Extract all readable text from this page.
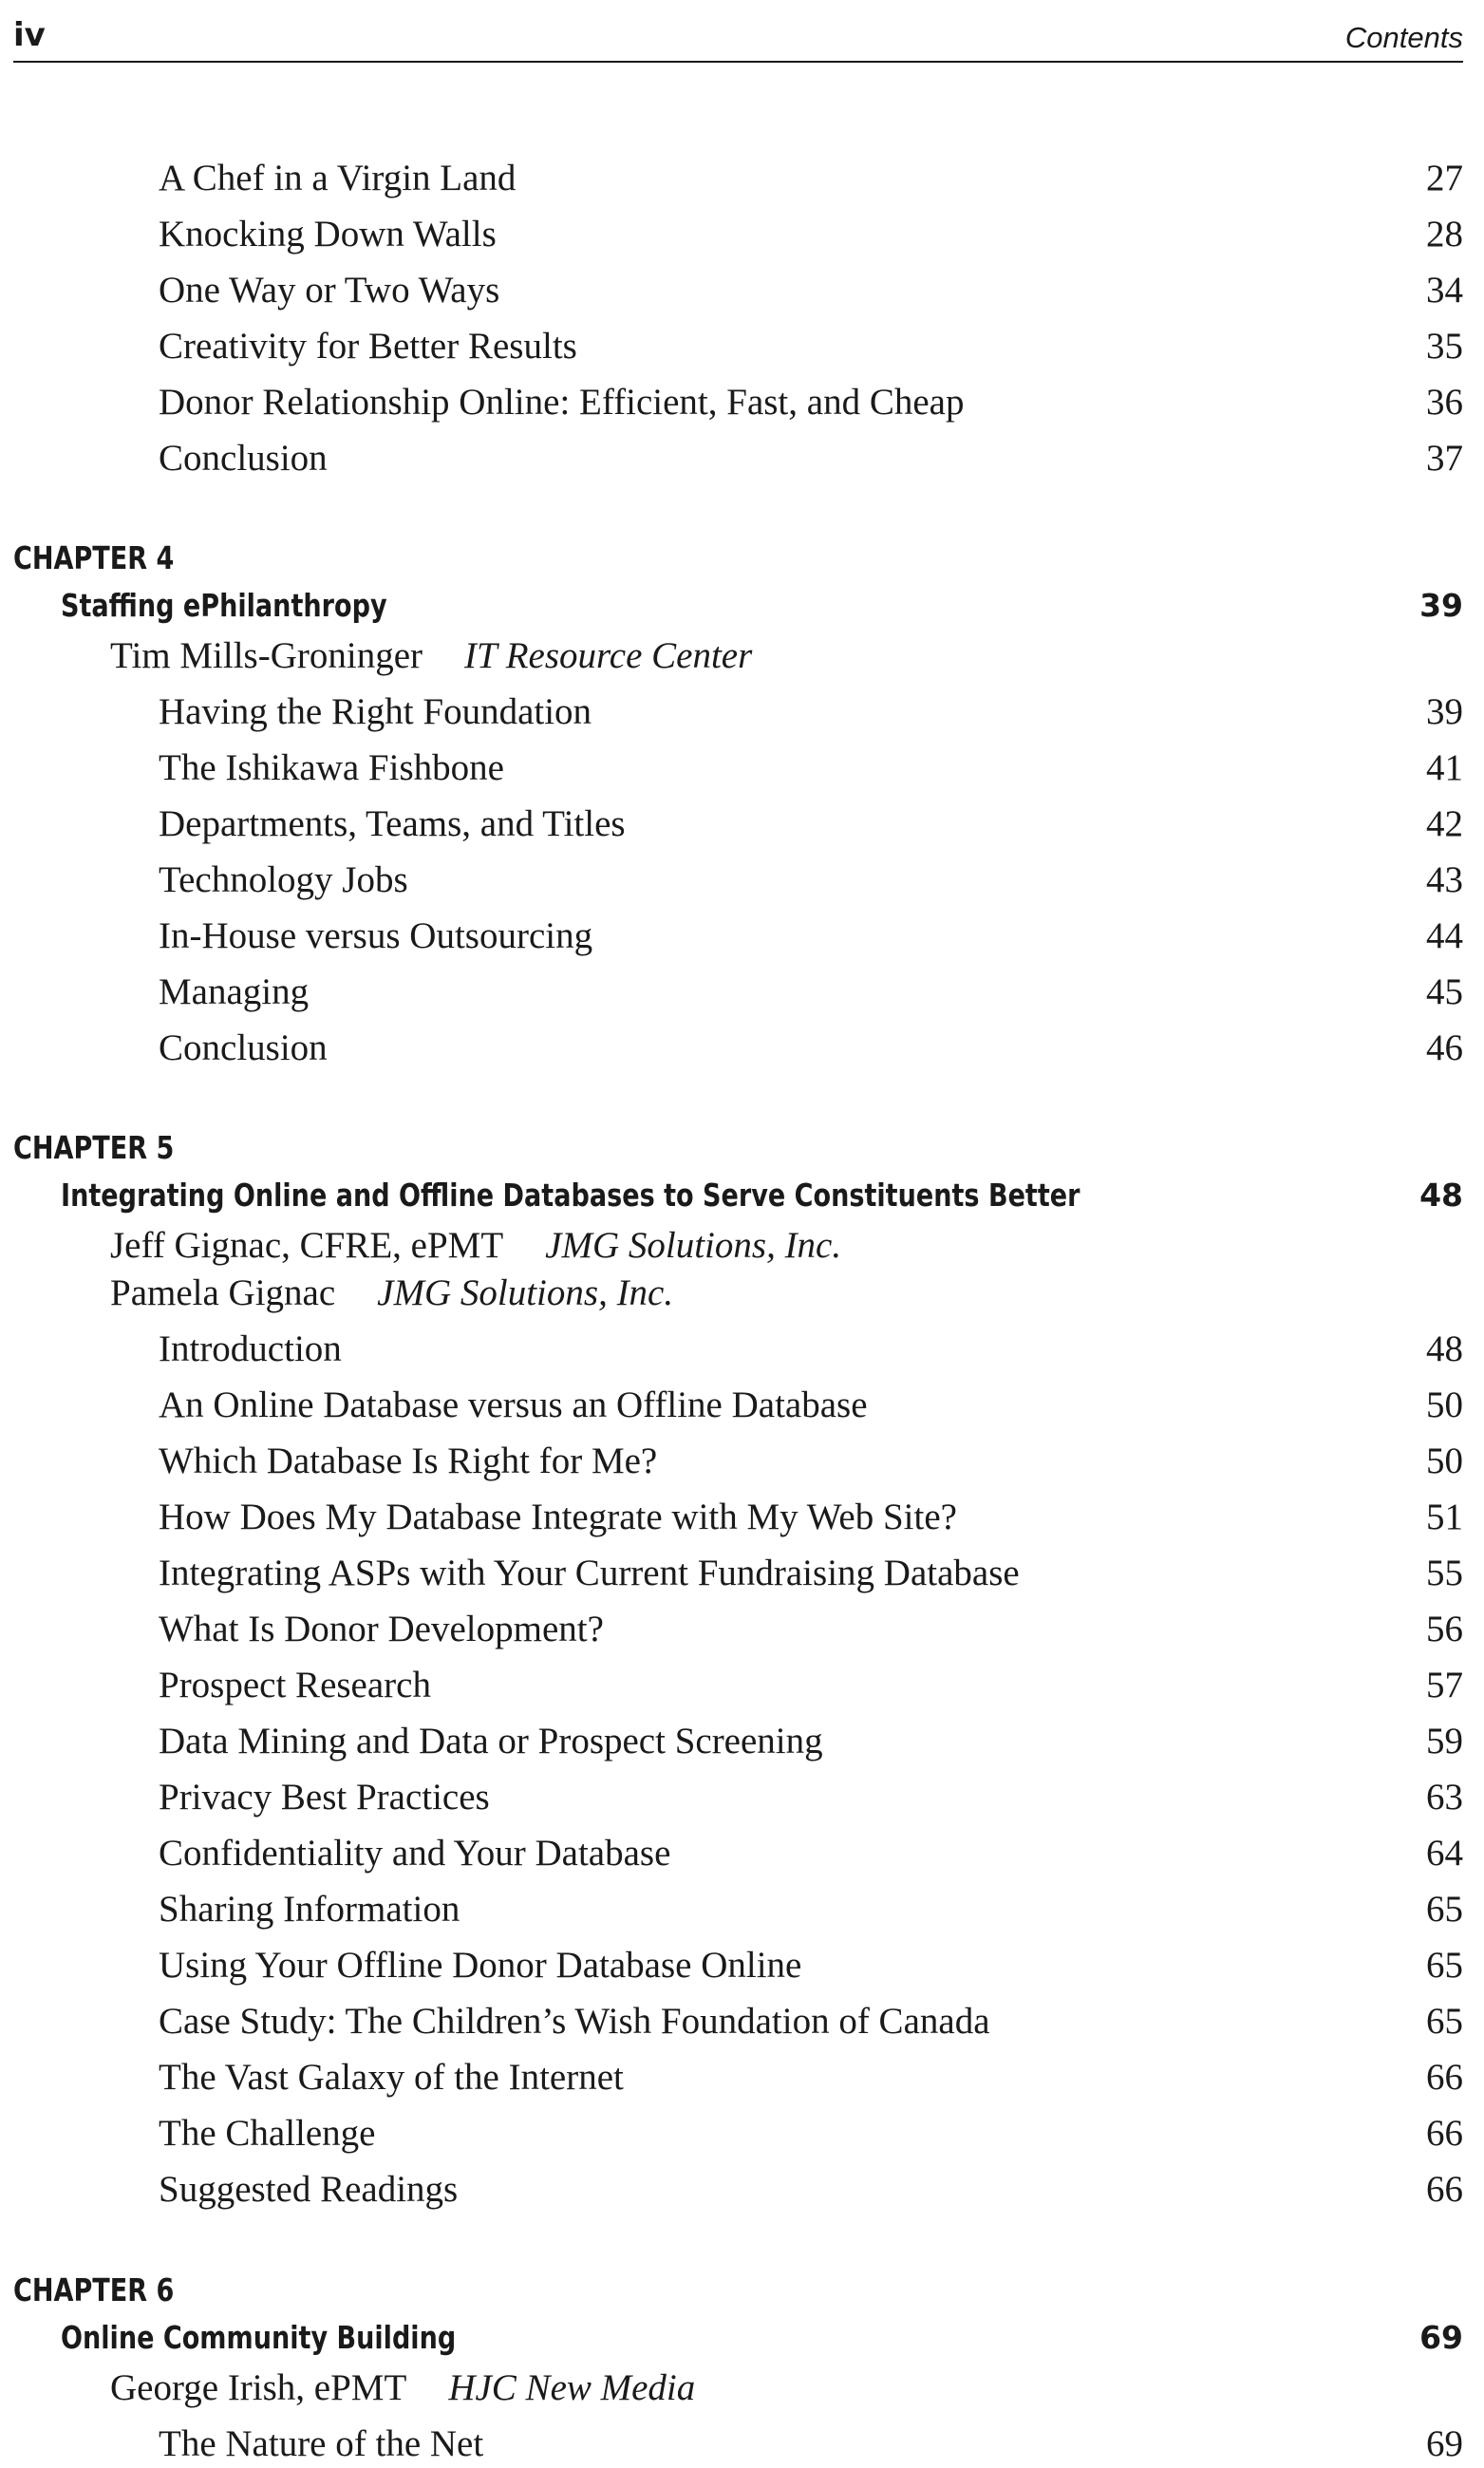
iv	Contents
A Chef in a Virgin Land	27
Knocking Down Walls	28
One Way or Two Ways	34
Creativity for Better Results	35
Donor Relationship Online: Efficient, Fast, and Cheap	36
Conclusion	37
CHAPTER 4
Staffing ePhilanthropy	39
Tim Mills-Groninger IT Resource Center
Having the Right Foundation	39
The Ishikawa Fishbone	41
Departments, Teams, and Titles	42
Technology Jobs	43
In-House versus Outsourcing	44
Managing	45
Conclusion	46
CHAPTER 5
Integrating Online and Offline Databases to Serve Constituents Better	48
Jeff Gignac, CFRE, ePMT JMG Solutions, Inc.
Pamela Gignac JMG Solutions, Inc.
Introduction	48
An Online Database versus an Offline Database	50
Which Database Is Right for Me?	50
How Does My Database Integrate with My Web Site?	51
Integrating ASPs with Your Current Fundraising Database	55
What Is Donor Development?	56
Prospect Research	57
Data Mining and Data or Prospect Screening	59
Privacy Best Practices	63
Confidentiality and Your Database	64
Sharing Information	65
Using Your Offline Donor Database Online	65
Case Study: The Children’s Wish Foundation of Canada	65
The Vast Galaxy of the Internet	66
The Challenge	66
Suggested Readings	66
CHAPTER 6
Online Community Building	69
George Irish, ePMT HJC New Media
The Nature of the Net	69
